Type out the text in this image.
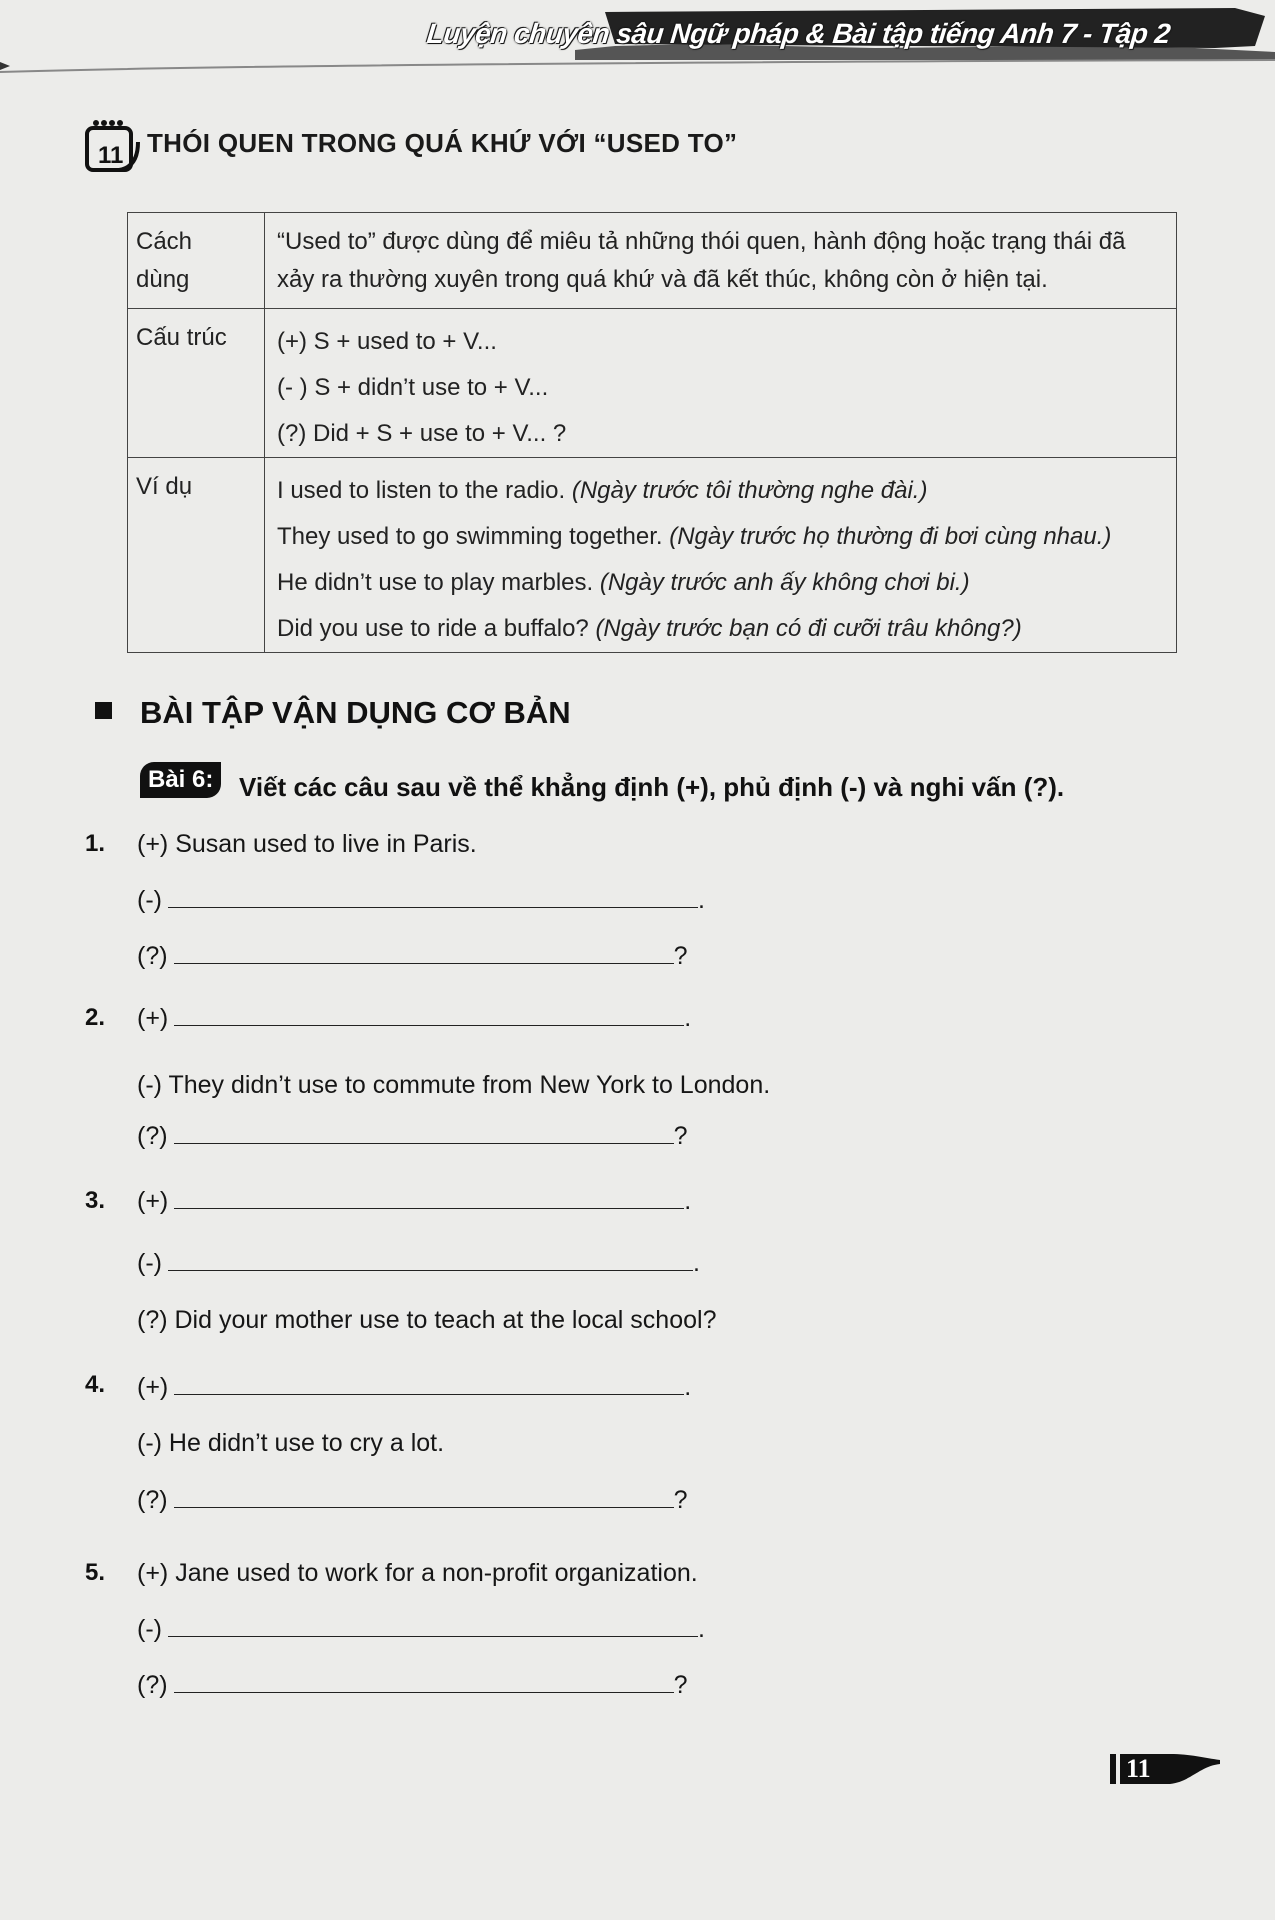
Luyện chuyên sâu Ngữ pháp & Bài tập tiếng Anh 7 - Tập 2
11 THÓI QUEN TRONG QUÁ KHỨ VỚI “USED TO”
Cách
dùng	“Used to” được dùng để miêu tả những thói quen, hành động hoặc trạng thái đã
xảy ra thường xuyên trong quá khứ và đã kết thúc, không còn ở hiện tại.

Cấu trúc	(+) S + used to + V...
(- ) S + didn’t use to + V...
(?) Did + S + use to + V... ?

Ví dụ	I used to listen to the radio. (Ngày trước tôi thường nghe đài.)
They used to go swimming together. (Ngày trước họ thường đi bơi cùng nhau.)
He didn’t use to play marbles. (Ngày trước anh ấy không chơi bi.)
Did you use to ride a buffalo? (Ngày trước bạn có đi cưỡi trâu không?)
BÀI TẬP VẬN DỤNG CƠ BẢN
Bài 6: Viết các câu sau về thể khẳng định (+), phủ định (-) và nghi vấn (?).
1. (+) Susan used to live in Paris.
(-)	.
(?)	?
2. (+)	.
(-) They didn’t use to commute from New York to London.
(?)	?
3. (+)	.
(-)	.
(?) Did your mother use to teach at the local school?
4. (+)	.
(-) He didn’t use to cry a lot.
(?)	?
5. (+) Jane used to work for a non-profit organization.
(-)	.
(?)	?
11
